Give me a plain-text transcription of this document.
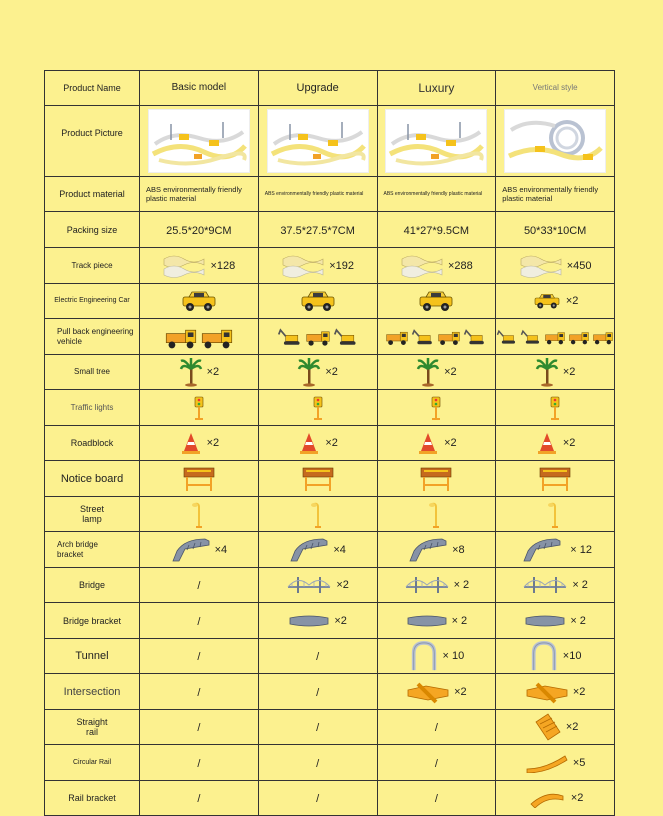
Product Name	Basic model	Upgrade	Luxury	Vertical style

Product Picture

Product material	ABS environmentally friendly plastic material	ABS environmentally friendly plastic material	ABS environmentally friendly plastic material	ABS environmentally friendly plastic material

Packing size	25.5*20*9CM	37.5*27.5*7CM	41*27*9.5CM	50*33*10CM

Track piece	×128	×192	×288	×450

Electric Engineering Car				×2

Pull back engineering vehicle

Small tree	×2	×2	×2	×2

Traffic lights

Roadblock	×2	×2	×2	×2

Notice board

Street lamp

Arch bridge bracket	×4	×4	×8	× 12

Bridge	/	×2	× 2	× 2

Bridge bracket	/	×2	× 2	× 2

Tunnel	/	/	× 10	×10

Intersection	/	/	×2	×2

Straight rail	/	/	/	×2

Circular Rail	/	/	/	×5

Rail bracket	/	/	/	×2
